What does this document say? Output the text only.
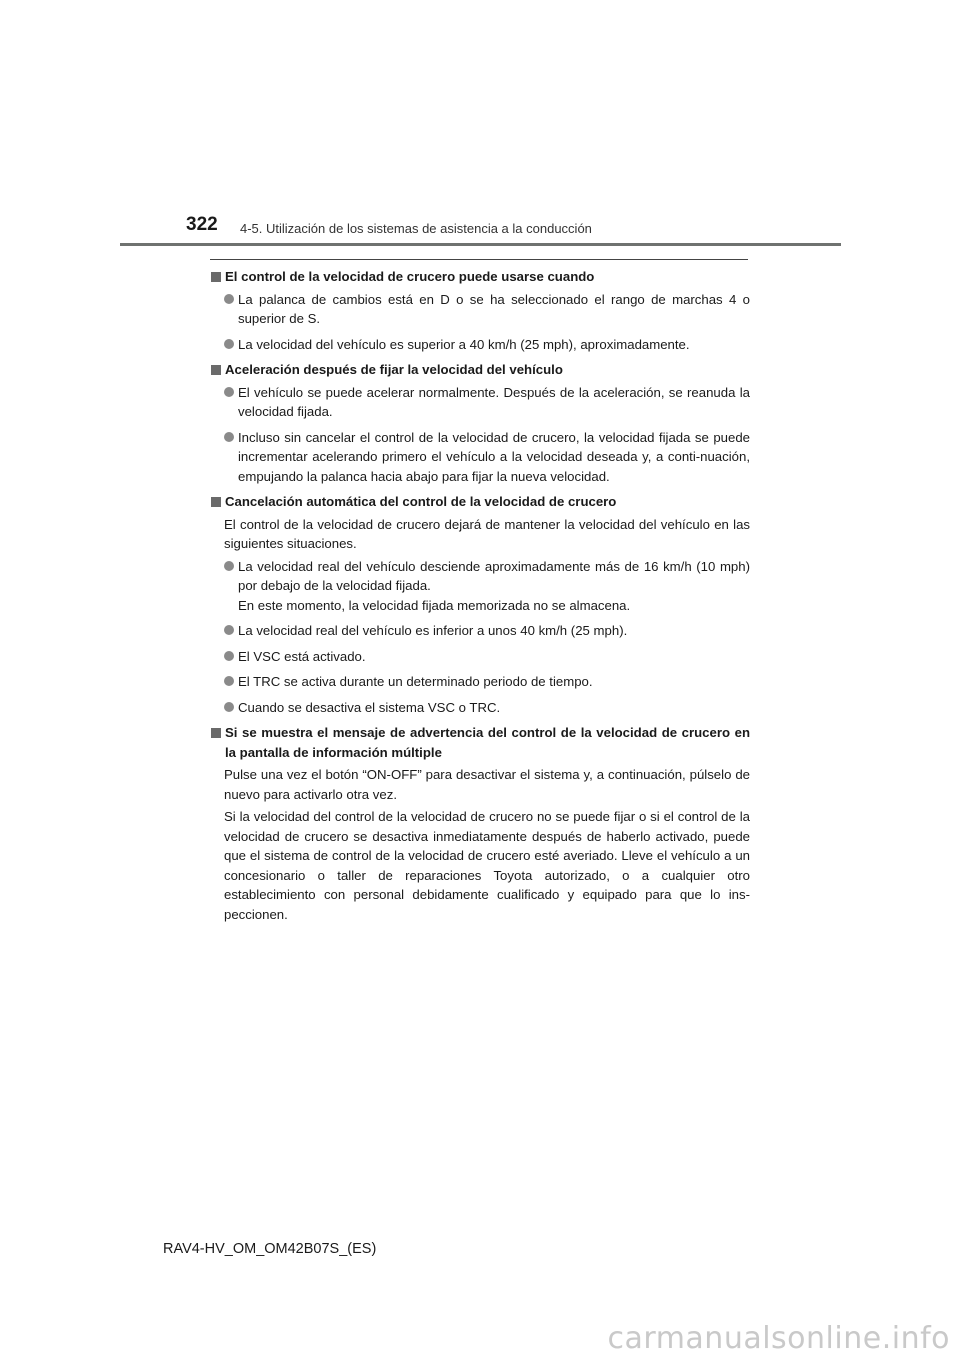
322 4-5. Utilización de los sistemas de asistencia a la conducción
El control de la velocidad de crucero puede usarse cuando
La palanca de cambios está en D o se ha seleccionado el rango de marchas 4 o superior de S.
La velocidad del vehículo es superior a 40 km/h (25 mph), aproximadamente.
Aceleración después de fijar la velocidad del vehículo
El vehículo se puede acelerar normalmente. Después de la aceleración, se reanuda la velocidad fijada.
Incluso sin cancelar el control de la velocidad de crucero, la velocidad fijada se puede incrementar acelerando primero el vehículo a la velocidad deseada y, a conti-nuación, empujando la palanca hacia abajo para fijar la nueva velocidad.
Cancelación automática del control de la velocidad de crucero
El control de la velocidad de crucero dejará de mantener la velocidad del vehículo en las siguientes situaciones.
La velocidad real del vehículo desciende aproximadamente más de 16 km/h (10 mph) por debajo de la velocidad fijada.
En este momento, la velocidad fijada memorizada no se almacena.
La velocidad real del vehículo es inferior a unos 40 km/h (25 mph).
El VSC está activado.
El TRC se activa durante un determinado periodo de tiempo.
Cuando se desactiva el sistema VSC o TRC.
Si se muestra el mensaje de advertencia del control de la velocidad de crucero en la pantalla de información múltiple
Pulse una vez el botón “ON-OFF” para desactivar el sistema y, a continuación, púlselo de nuevo para activarlo otra vez.
Si la velocidad del control de la velocidad de crucero no se puede fijar o si el control de la velocidad de crucero se desactiva inmediatamente después de haberlo activado, puede que el sistema de control de la velocidad de crucero esté averiado. Lleve el vehículo a un concesionario o taller de reparaciones Toyota autorizado, o a cualquier otro establecimiento con personal debidamente cualificado y equipado para que lo ins-peccionen.
RAV4-HV_OM_OM42B07S_(ES)
carmanualsonline.info
